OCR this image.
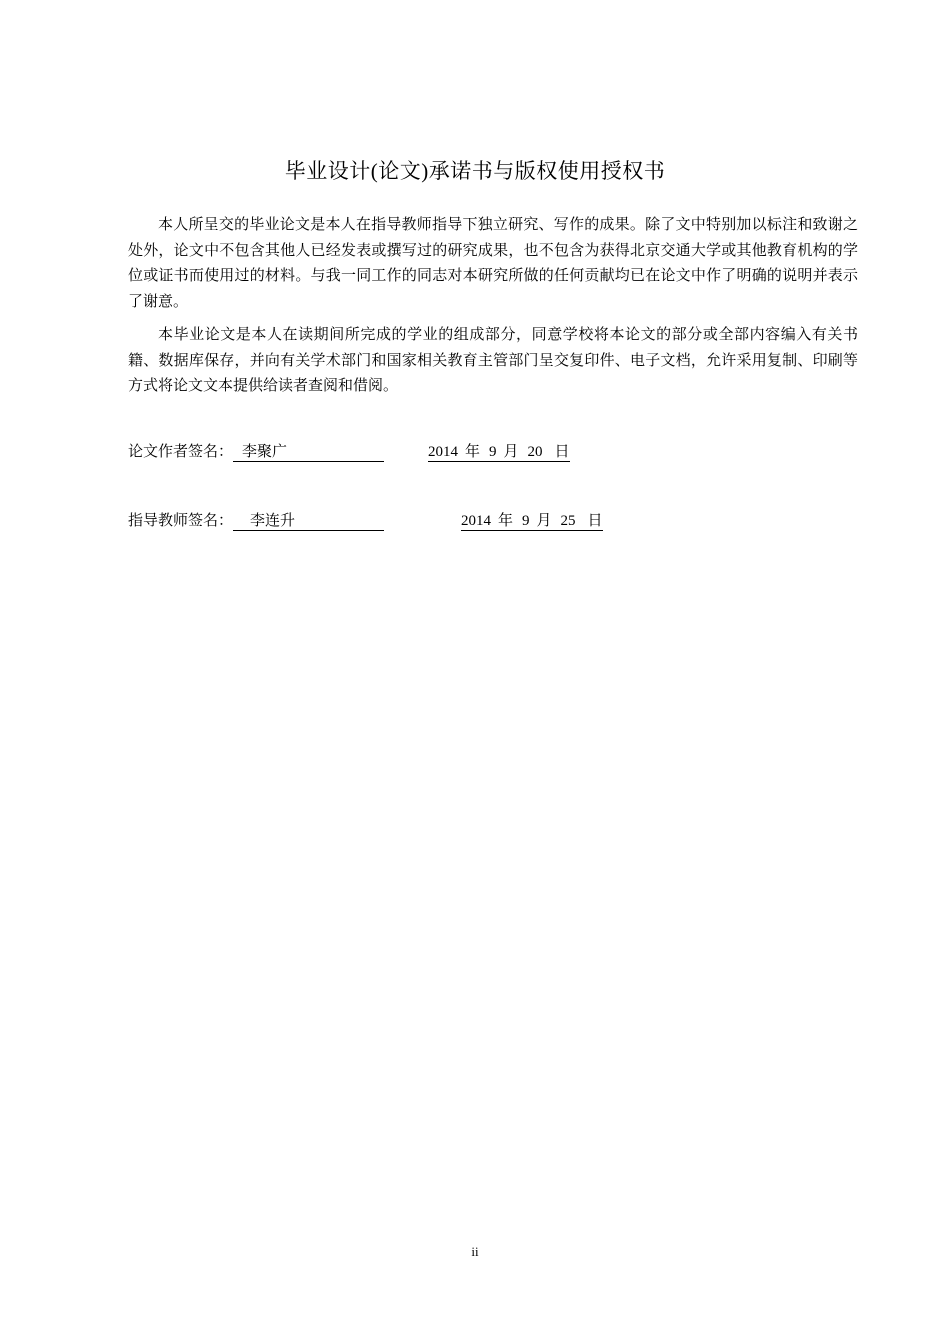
毕业设计(论文)承诺书与版权使用授权书

本人所呈交的毕业论文是本人在指导教师指导下独立研究、写作的成果。除了文中特别加以标注和致谢之处外，论文中不包含其他人已经发表或撰写过的研究成果，也不包含为获得北京交通大学或其他教育机构的学位或证书而使用过的材料。与我一同工作的同志对本研究所做的任何贡献均已在论文中作了明确的说明并表示了谢意。

本毕业论文是本人在读期间所完成的学业的组成部分，同意学校将本论文的部分或全部内容编入有关书籍、数据库保存，并向有关学术部门和国家相关教育主管部门呈交复印件、电子文档，允许采用复制、印刷等方式将论文文本提供给读者查阅和借阅。

论文作者签名： 李聚广	2014 年 9 月 20 日
指导教师签名： 李连升	2014 年 9 月 25 日
ii
